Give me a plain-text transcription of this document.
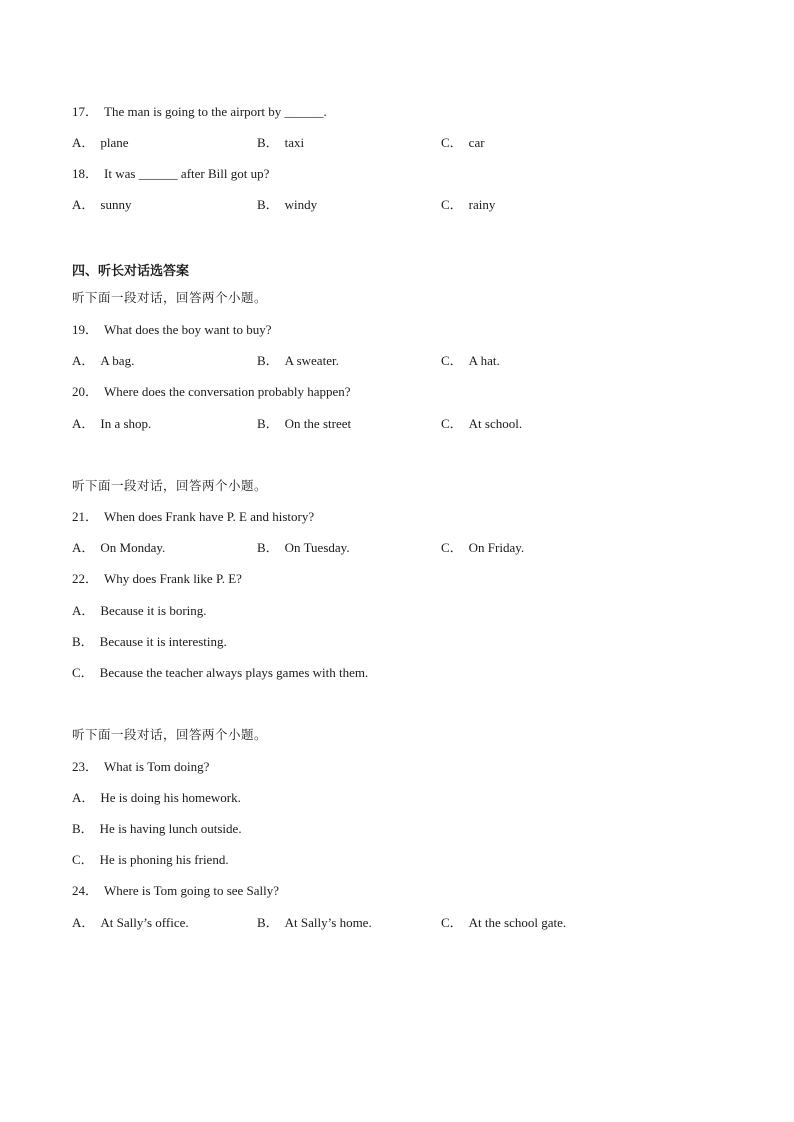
17． The man is going to the airport by ______.
A． plane	B． taxi	C． car
18． It was ______ after Bill got up?
A． sunny	B． windy	C． rainy
四、听长对话选答案
听下面一段对话，回答两个小题。
19． What does the boy want to buy?
A． A bag.	B． A sweater.	C． A hat.
20． Where does the conversation probably happen?
A． In a shop.	B． On the street	C． At school.
听下面一段对话，回答两个小题。
21． When does Frank have P. E and history?
A． On Monday.	B． On Tuesday.	C． On Friday.
22． Why does Frank like P. E?
A． Because it is boring.
B． Because it is interesting.
C． Because the teacher always plays games with them.
听下面一段对话，回答两个小题。
23． What is Tom doing?
A． He is doing his homework.
B． He is having lunch outside.
C． He is phoning his friend.
24． Where is Tom going to see Sally?
A． At Sally’s office.	B． At Sally’s home.	C． At the school gate.
